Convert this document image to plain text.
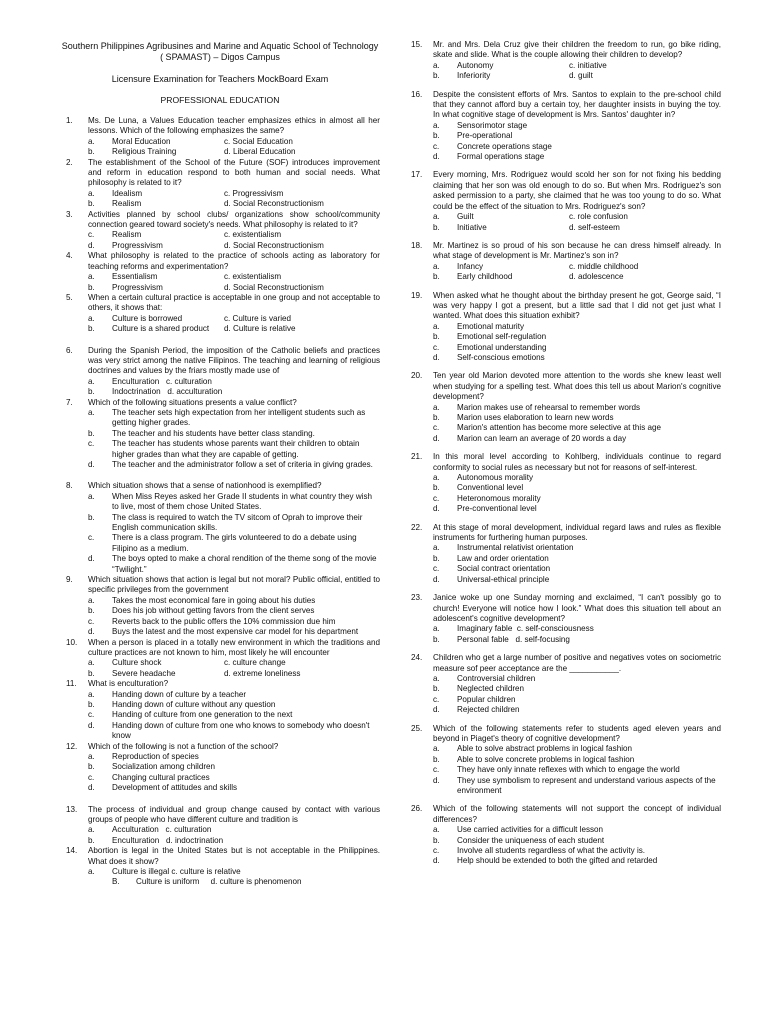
Southern Philippines Agribusines and Marine and Aquatic School of Technology ( SPAMAST) – Digos Campus
Licensure Examination for Teachers MockBoard Exam
PROFESSIONAL EDUCATION
1. Ms. De Luna, a Values Education teacher emphasizes ethics in almost all her lessons. Which of the following emphasizes the same?
a. Moral Education	c. Social Education
b. Religious Training	d. Liberal Education
2. The establishment of the School of the Future (SOF) introduces improvement and reform in education respond to both human and social needs. What philosophy is related to it?
a. Idealism	c. Progressivism
b. Realism	d. Social Reconstructionism
3. Activities planned by school clubs/ organizations show school/community connection geared toward society's needs. What philosophy is related to it?
c. Realism	c. existentialism
d. Progressivism	d. Social Reconstructionism
4. What philosophy is related to the practice of schools acting as laboratory for teaching reforms and experimentation?
a. Essentialism	c. existentialism
b. Progressivism	d. Social Reconstructionism
5. When a certain cultural practice is acceptable in one group and not acceptable to others, it shows that:
a. Culture is borrowed	c. Culture is varied
b. Culture is a shared product	d. Culture is relative
6. During the Spanish Period, the imposition of the Catholic beliefs and practices was very strict among the native Filipinos. The teaching and learning of religious doctrines and values by the friars mostly made use of
a. Enculturation   c. culturation
b. Indoctrination   d. acculturation
7. Which of the following situations presents a value conflict?
a. The teacher sets high expectation from her intelligent students such as getting higher grades.
b. The teacher and his students have better class standing.
c. The teacher has students whose parents want their children to obtain higher grades than what they are capable of getting.
d. The teacher and the administrator follow a set of criteria in giving grades.
8. Which situation shows that a sense of nationhood is exemplified?
a. When Miss Reyes asked her Grade II students in what country they wish to live, most of them chose United States.
b. The class is required to watch the TV sitcom of Oprah to improve their English communication skills.
c. There is a class program. The girls volunteered to do a debate using Filipino as a medium.
d. The boys opted to make a choral rendition of the theme song of the movie “Twilight.”
9. Which situation shows that action is legal but not moral? Public official, entitled to specific privileges from the government
a. Takes the most economical fare in going about his duties
b. Does his job without getting favors from the client serves
c. Reverts back to the public offers the 10% commission due him
d. Buys the latest and the most expensive car model for his department
10. When a person is placed in a totally new environment in which the traditions and culture practices are not known to him, most likely he will encounter
a. Culture shock	c. culture change
b. Severe headache	d. extreme loneliness
11. What is enculturation?
a. Handing down of culture by a teacher
b. Handing down of culture without any question
c. Handing of culture from one generation to the next
d. Handing down of culture from one who knows to somebody who doesn't know
12. Which of the following is not a function of the school?
a. Reproduction of species
b. Socialization among children
c. Changing cultural practices
d. Development of attitudes and skills
13. The process of individual and group change caused by contact with various groups of people who have different culture and tradition is
a. Acculturation   c. culturation
b. Enculturation   d. indoctrination
14. Abortion is legal in the United States but is not acceptable in the Philippines. What does it show?
a. Culture is illegal c. culture is relative
B. Culture is uniform     d. culture is phenomenon
15. Mr. and Mrs. Dela Cruz give their children the freedom to run, go bike riding, skate and slide. What is the couple allowing their children to develop?
a. Autonomy	c. initiative
b. Inferiority	d. guilt
16. Despite the consistent efforts of Mrs. Santos to explain to the pre-school child that they cannot afford buy a certain toy, her daughter insists in buying the toy. In what cognitive stage of development is Mrs. Santos' daughter in?
a. Sensorimotor stage
b. Pre-operational
c. Concrete operations stage
d. Formal operations stage
17. Every morning, Mrs. Rodriguez would scold her son for not fixing his bedding claiming that her son was old enough to do so. But when Mrs. Rodriguez's son asked permission to a party, she claimed that he was too young to do so. What could be the effect of the situation to Mrs. Rodriguez's son?
a. Guilt	c. role confusion
b. Initiative	d. self-esteem
18. Mr. Martinez is so proud of his son because he can dress himself already. In what stage of development is Mr. Martinez's son in?
a. Infancy	c. middle childhood
b. Early childhood	d. adolescence
19. When asked what he thought about the birthday present he got, George said, “I was very happy I got a present, but a little sad that I did not get just what I wanted. What does this situation exhibit?
a. Emotional maturity
b. Emotional self-regulation
c. Emotional understanding
d. Self-conscious emotions
20. Ten year old Marion devoted more attention to the words she knew least well when studying for a spelling test. What does this tell us about Marion's cognitive development?
a. Marion makes use of rehearsal to remember words
b. Marion uses elaboration to learn new words
c. Marion's attention has become more selective at this age
d. Marion can learn an average of 20 words a day
21. In this moral level according to Kohlberg, individuals continue to regard conformity to social rules as necessary but not for reasons of self-interest.
a. Autonomous morality
b. Conventional level
c. Heteronomous morality
d. Pre-conventional level
22. At this stage of moral development, individual regard laws and rules as flexible instruments for furthering human purposes.
a. Instrumental relativist orientation
b. Law and order orientation
c. Social contract orientation
d. Universal-ethical principle
23. Janice woke up one Sunday morning and exclaimed, “I can't possibly go to church! Everyone will notice how I look.” What does this situation tell about an adolescent's cognitive development?
a. Imaginary fable  c. self-consciousness
b. Personal fable   d. self-focusing
24. Children who get a large number of positive and negatives votes on sociometric measure sof peer acceptance are the ___________.
a. Controversial children
b. Neglected children
c. Popular children
d. Rejected children
25. Which of the following statements refer to students aged eleven years and beyond in Piaget's theory of cognitive development?
a. Able to solve abstract problems in logical fashion
b. Able to solve concrete problems in logical fashion
c. They have only innate reflexes with which to engage the world
d. They use symbolism to represent and understand various aspects of the environment
26. Which of the following statements will not support the concept of individual differences?
a. Use carried activities for a difficult lesson
b. Consider the uniqueness of each student
c. Involve all students regardless of what the activity is.
d. Help should be extended to both the gifted and retarded
